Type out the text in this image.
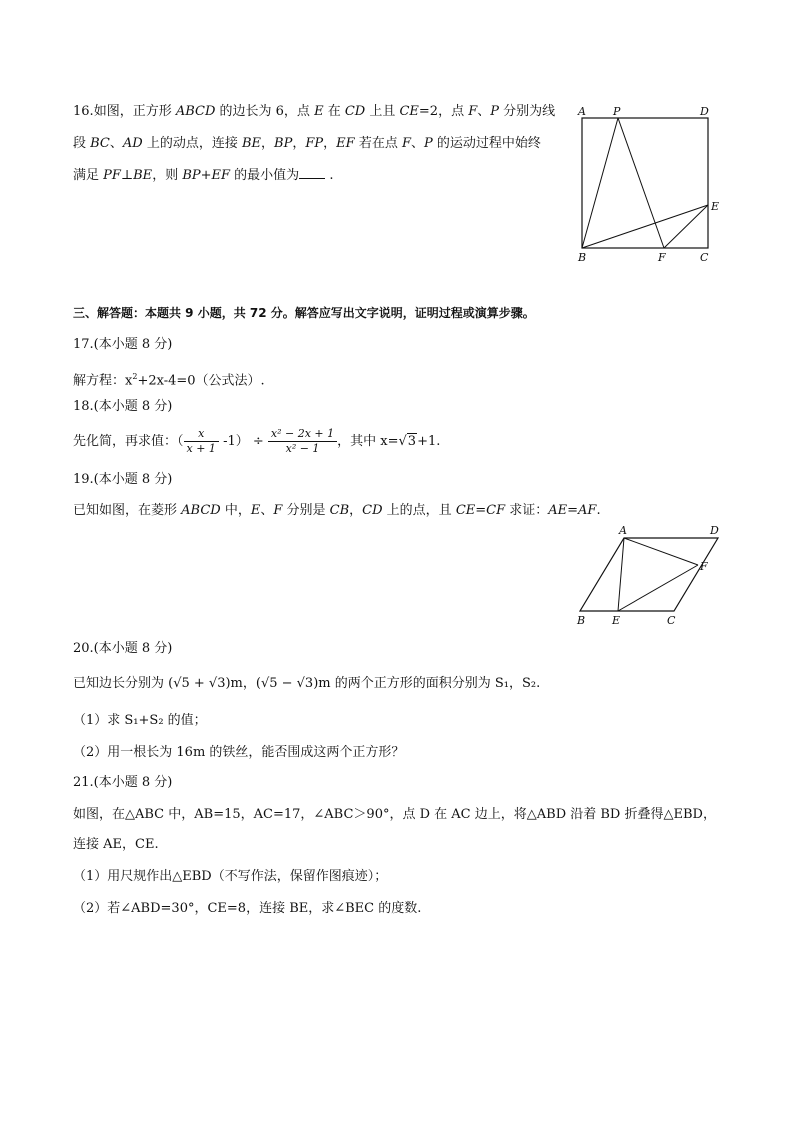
16.如图，正方形 ABCD 的边长为 6，点 E 在 CD 上且 CE=2，点 F、P 分别为线
段 BC、AD 上的动点，连接 BE，BP，FP，EF 若在点 F、P 的运动过程中始终
满足 PF⊥BE，则 BP+EF 的最小值为 .
A P	D
E
B	F	C
三、解答题：本题共 9 小题，共 72 分。解答应写出文字说明，证明过程或演算步骤。
17.(本小题 8 分)
解方程：$x^2+2x-4=0$（公式法）.
18.(本小题 8 分)
先化简，再求值：（ $\frac{x}{x + 1} -1) \div \frac{\text{x² − 2x + 1}}{\text{x² − 1}}$ ，其中 x=√3+1.
19.(本小题 8 分)
已知如图，在菱形 ABCD 中，E、F 分别是 CB，CD 上的点，且 CE=CF 求证：AE=AF.
A	D
F
B E	C
20.(本小题 8 分)
已知边长分别为 (√5 + √3)m，(√5 − √3)m 的两个正方形的面积分别为 S₁，S₂.
（1）求 S₁+S₂ 的值；
（2）用一根长为 16m 的铁丝，能否围成这两个正方形？
21.(本小题 8 分)
如图，在△ABC 中，AB=15，AC=17，∠ABC＞90°，点 D 在 AC 边上，将△ABD 沿着 BD 折叠得△EBD，
连接 AE，CE.
（1）用尺规作出△EBD（不写作法，保留作图痕迹）；
（2）若∠ABD=30°，CE=8，连接 BE，求∠BEC 的度数.
